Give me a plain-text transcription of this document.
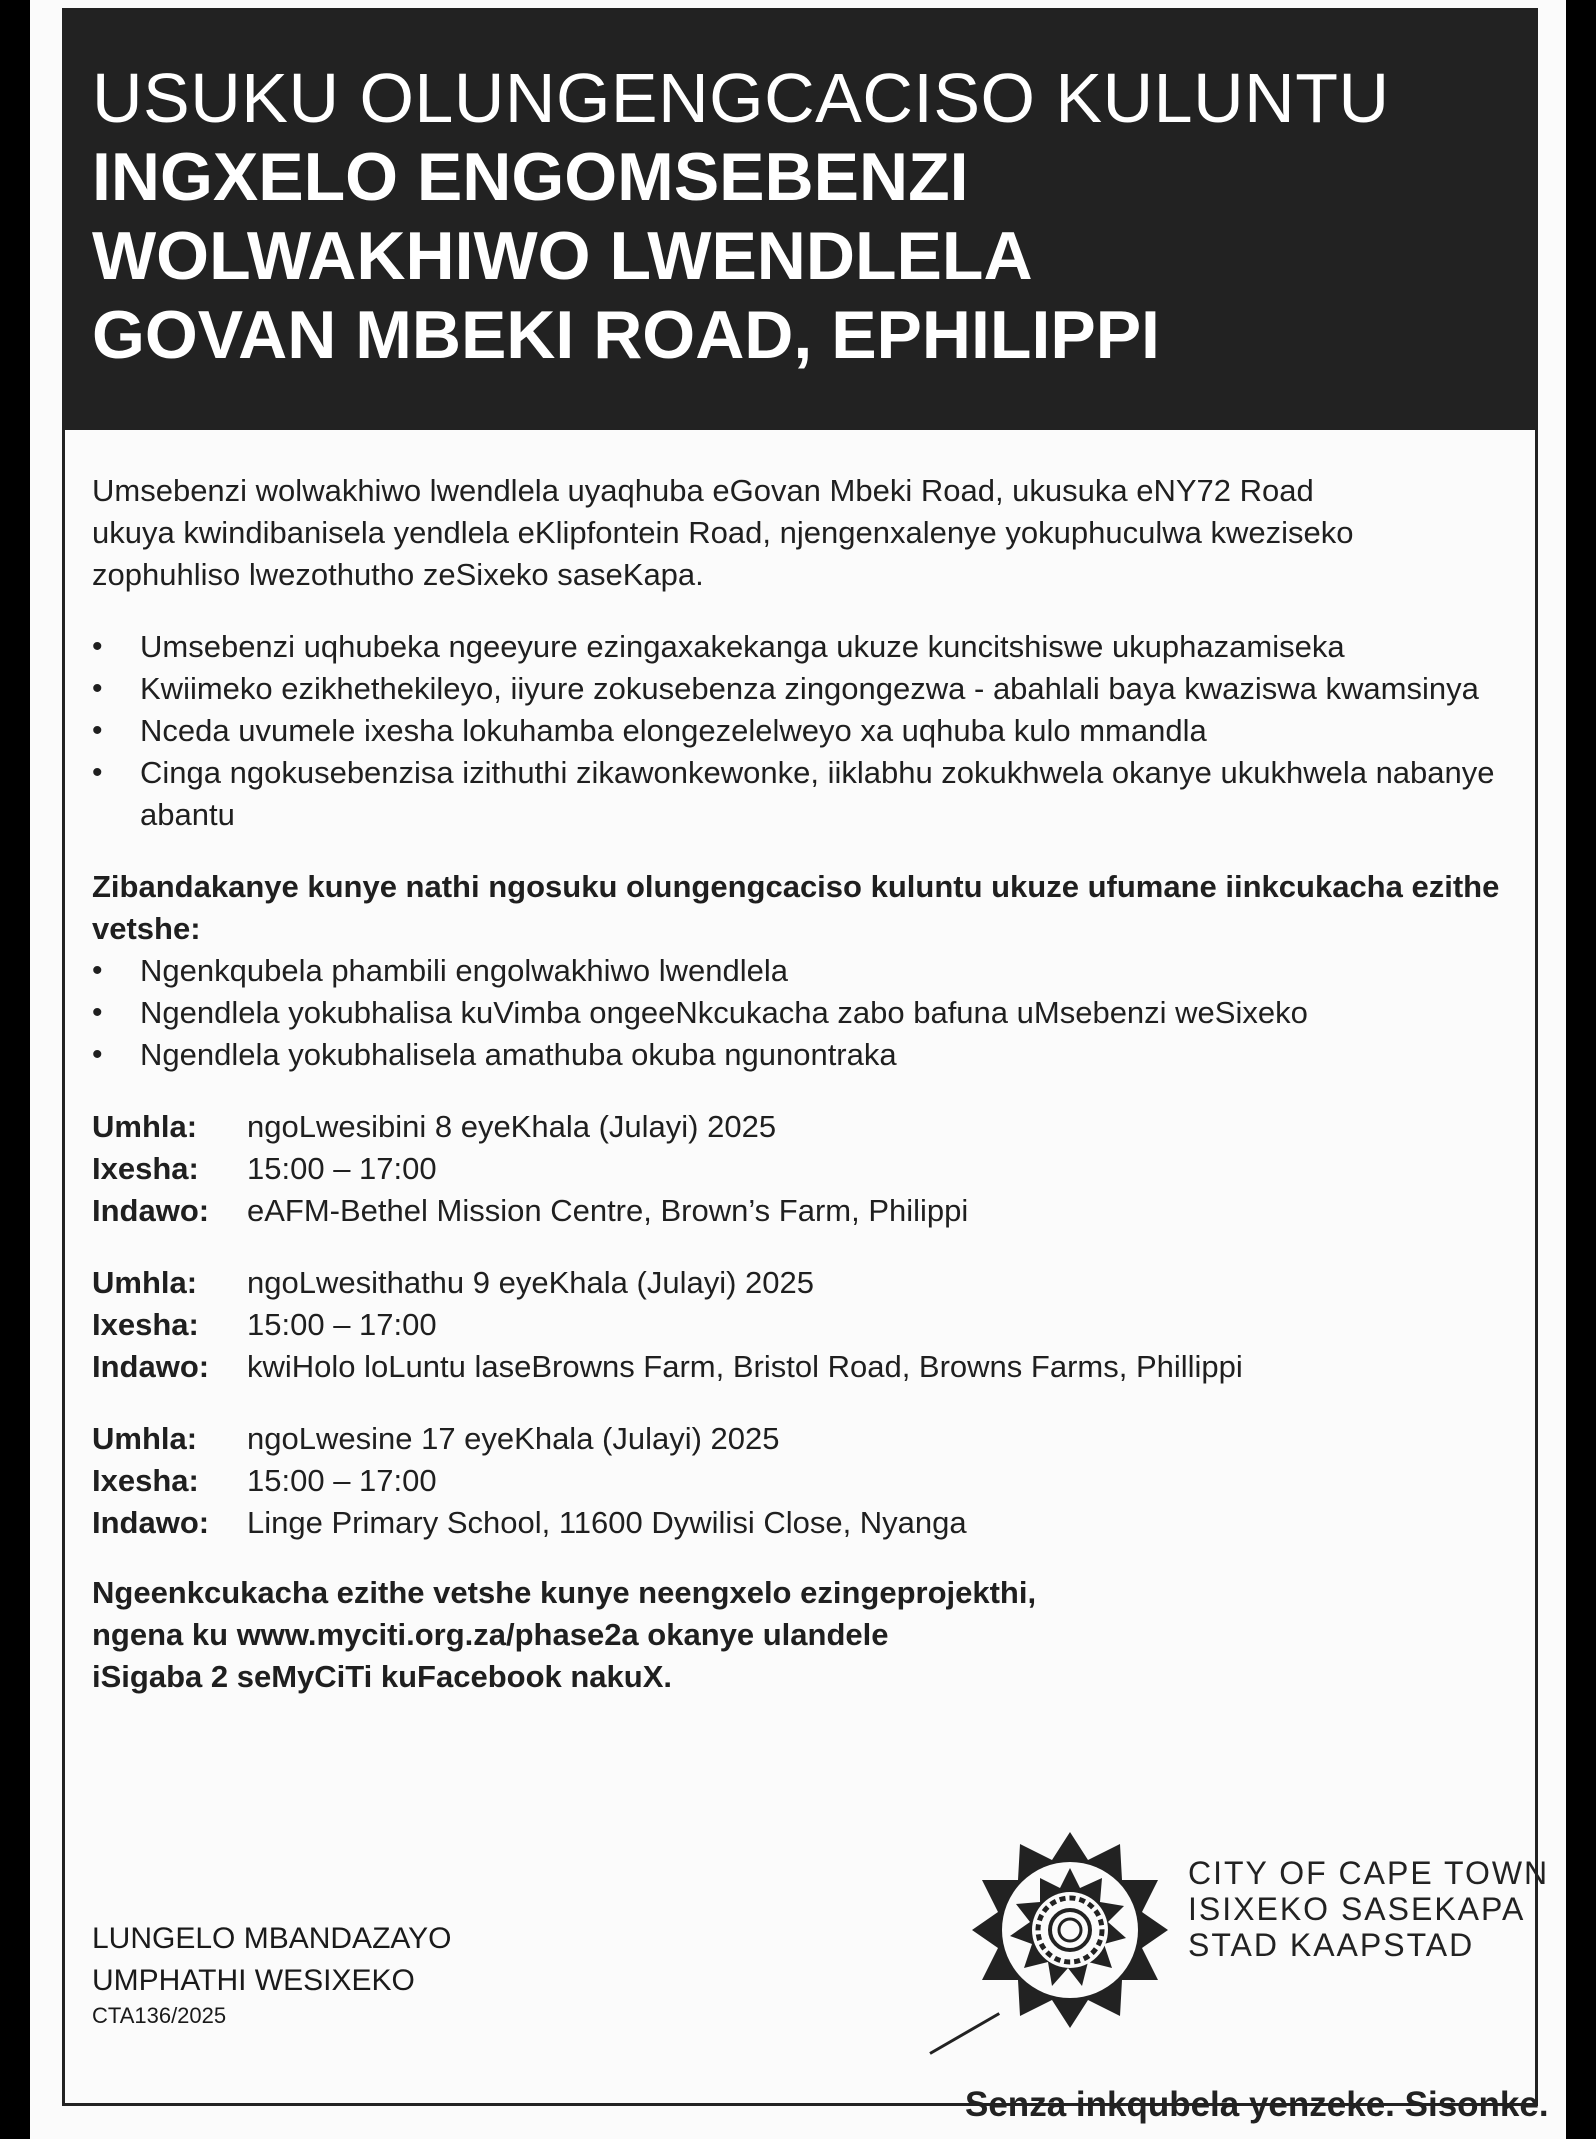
USUKU OLUNGENGCACISO KULUNTU

INGXELO ENGOMSEBENZI

WOLWAKHIWO LWENDLELA

GOVAN MBEKI ROAD, EPHILIPPI

Umsebenzi wolwakhiwo lwendlela uyaqhuba eGovan Mbeki Road, ukusuka eNY72 Road
ukuya kwindibanisela yendlela eKlipfontein Road, njengenxalenye yokuphuculwa kweziseko
zophuhliso lwezothutho zeSixeko saseKapa.

• Umsebenzi uqhubeka ngeeyure ezingaxakekanga ukuze kuncitshiswe ukuphazamiseka
• Kwiimeko ezikhethekileyo, iiyure zokusebenza zingongezwa - abahlali baya kwaziswa kwamsinya
• Nceda uvumele ixesha lokuhamba elongezelelweyo xa uqhuba kulo mmandla
• Cinga ngokusebenzisa izithuthi zikawonkewonke, iiklabhu zokukhwela okanye ukukhwela nabanye abantu
Zibandakanye kunye nathi ngosuku olungengcaciso kuluntu ukuze ufumane iinkcukacha ezithe vetshe:
• Ngenkqubela phambili engolwakhiwo lwendlela
• Ngendlela yokubhalisa kuVimba ongeeNkcukacha zabo bafuna uMsebenzi weSixeko
• Ngendlela yokubhalisela amathuba okuba ngunontraka
Umhla:	ngoLwesibini 8 eyeKhala (Julayi) 2025
Ixesha:	15:00 – 17:00
Indawo:	eAFM-Bethel Mission Centre, Brown’s Farm, Philippi
Umhla:	ngoLwesithathu 9 eyeKhala (Julayi) 2025
Ixesha:	15:00 – 17:00
Indawo:	kwiHolo loLuntu laseBrowns Farm, Bristol Road, Browns Farms, Phillippi
Umhla:	ngoLwesine 17 eyeKhala (Julayi) 2025
Ixesha:	15:00 – 17:00
Indawo:	Linge Primary School, 11600 Dywilisi Close, Nyanga
Ngeenkcukacha ezithe vetshe kunye neengxelo ezingeprojekthi,
ngena ku www.myciti.org.za/phase2a okanye ulandele
iSigaba 2 seMyCiTi kuFacebook nakuX.
LUNGELO MBANDAZAYO
UMPHATHI WESIXEKO
CTA136/2025
CITY OF CAPE TOWN
ISIXEKO SASEKAPA
STAD KAAPSTAD
Senza inkqubela yenzeke. Sisonke.
